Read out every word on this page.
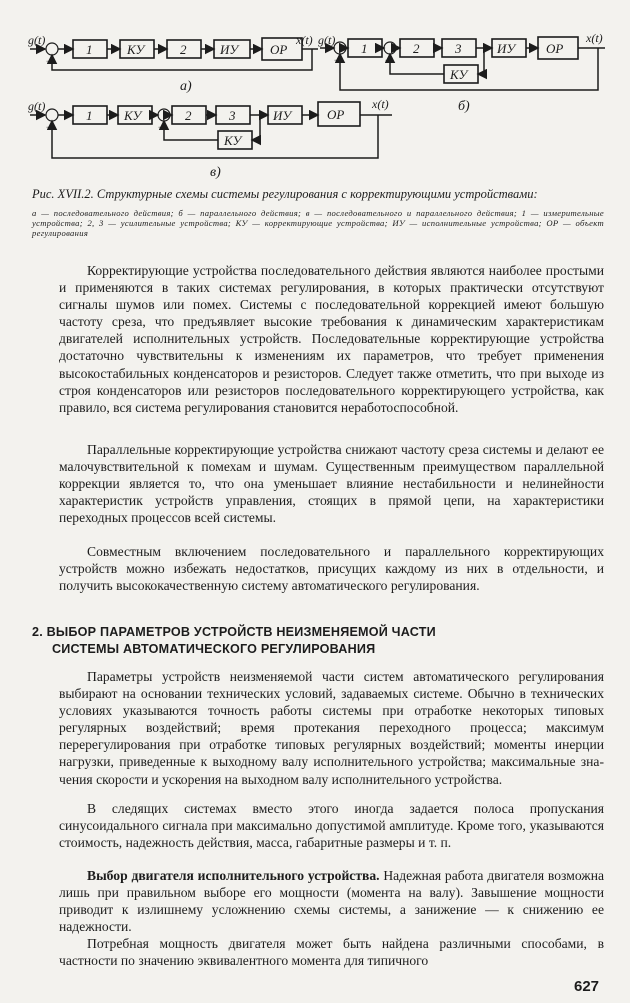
g(t)
1	КУ	2	ИУ ОР
x(t)
−
а)
g(t)
1	2	3	ИУ ОР
x(t)
КУ
−
−
б)
g(t)
1 КУ	2	3	ИУ	ОР
x(t)
КУ
−
−
в)
Рис. XVII.2. Структурные схемы системы регулирования с корректирующими устройствами:
а — последовательного действия; б — параллельного действия; в — последовательного и параллельного действия; 1 — измерительные устройства; 2, 3 — усилительные устройства; КУ — корректирующие устройства; ИУ — исполнительные устройства; ОР — объект регулирования
Корректирующие устройства последовательного действия являются наиболее простыми и применяются в таких системах регулирования, в которых практически отсутствуют сигналы шумов или помех. Системы с последовательной коррекцией имеют большую частоту среза, что предъявляет высокие требования к динамическим характеристикам двигателей исполнительных устройств. Последовательные корректирующие устройства достаточно чувствительны к изменениям их параметров, что требует применения высокостабильных конденсаторов и резисторов. Следует также отметить, что при выходе из строя конденсаторов или резисторов последовательного корректирующего устройства, как правило, вся система регулирования становится неработоспособной.
Параллельные корректирующие устройства снижают частоту среза системы и делают ее малочувствительной к помехам и шумам. Существенным преимуществом параллельной коррекции является то, что она уменьшает влияние нестабильности и нелинейности характеристик устройств управления, стоящих в прямой цепи, на характеристики переходных процессов всей системы.
Совместным включением последовательного и параллельного корректирующих устройств можно избежать недостатков, присущих каждому из них в отдельности, и получить высококачественную систему автоматического регулирования.
2. ВЫБОР ПАРАМЕТРОВ УСТРОЙСТВ НЕИЗМЕНЯЕМОЙ ЧАСТИ
СИСТЕМЫ АВТОМАТИЧЕСКОГО РЕГУЛИРОВАНИЯ
Параметры устройств неизменяемой части систем автоматического регулирования выбирают на основании технических условий, задаваемых системе. Обычно в технических условиях указываются точность работы системы при отработке некоторых типовых регулярных воздействий; время протекания переходного процесса; максимум перерегулирования при отработке типовых регулярных воздействий; моменты инерции нагрузки, приведенные к выходному валу исполнительного устройства; максимальные значения скорости и ускорения на выходном валу исполнительного устройства.
В следящих системах вместо этого иногда задается полоса пропускания синусоидального сигнала при максимально допустимой амплитуде. Кроме того, указываются стоимость, надежность действия, масса, габаритные размеры и т. п.
Выбор двигателя исполнительного устройства. Надежная работа двигателя возможна лишь при правильном выборе его мощности (момента на валу). Завышение мощности приводит к излишнему усложнению схемы системы, а занижение — к снижению ее надежности.
Потребная мощность двигателя может быть найдена различными способами, в частности по значению эквивалентного момента для типичного
627
